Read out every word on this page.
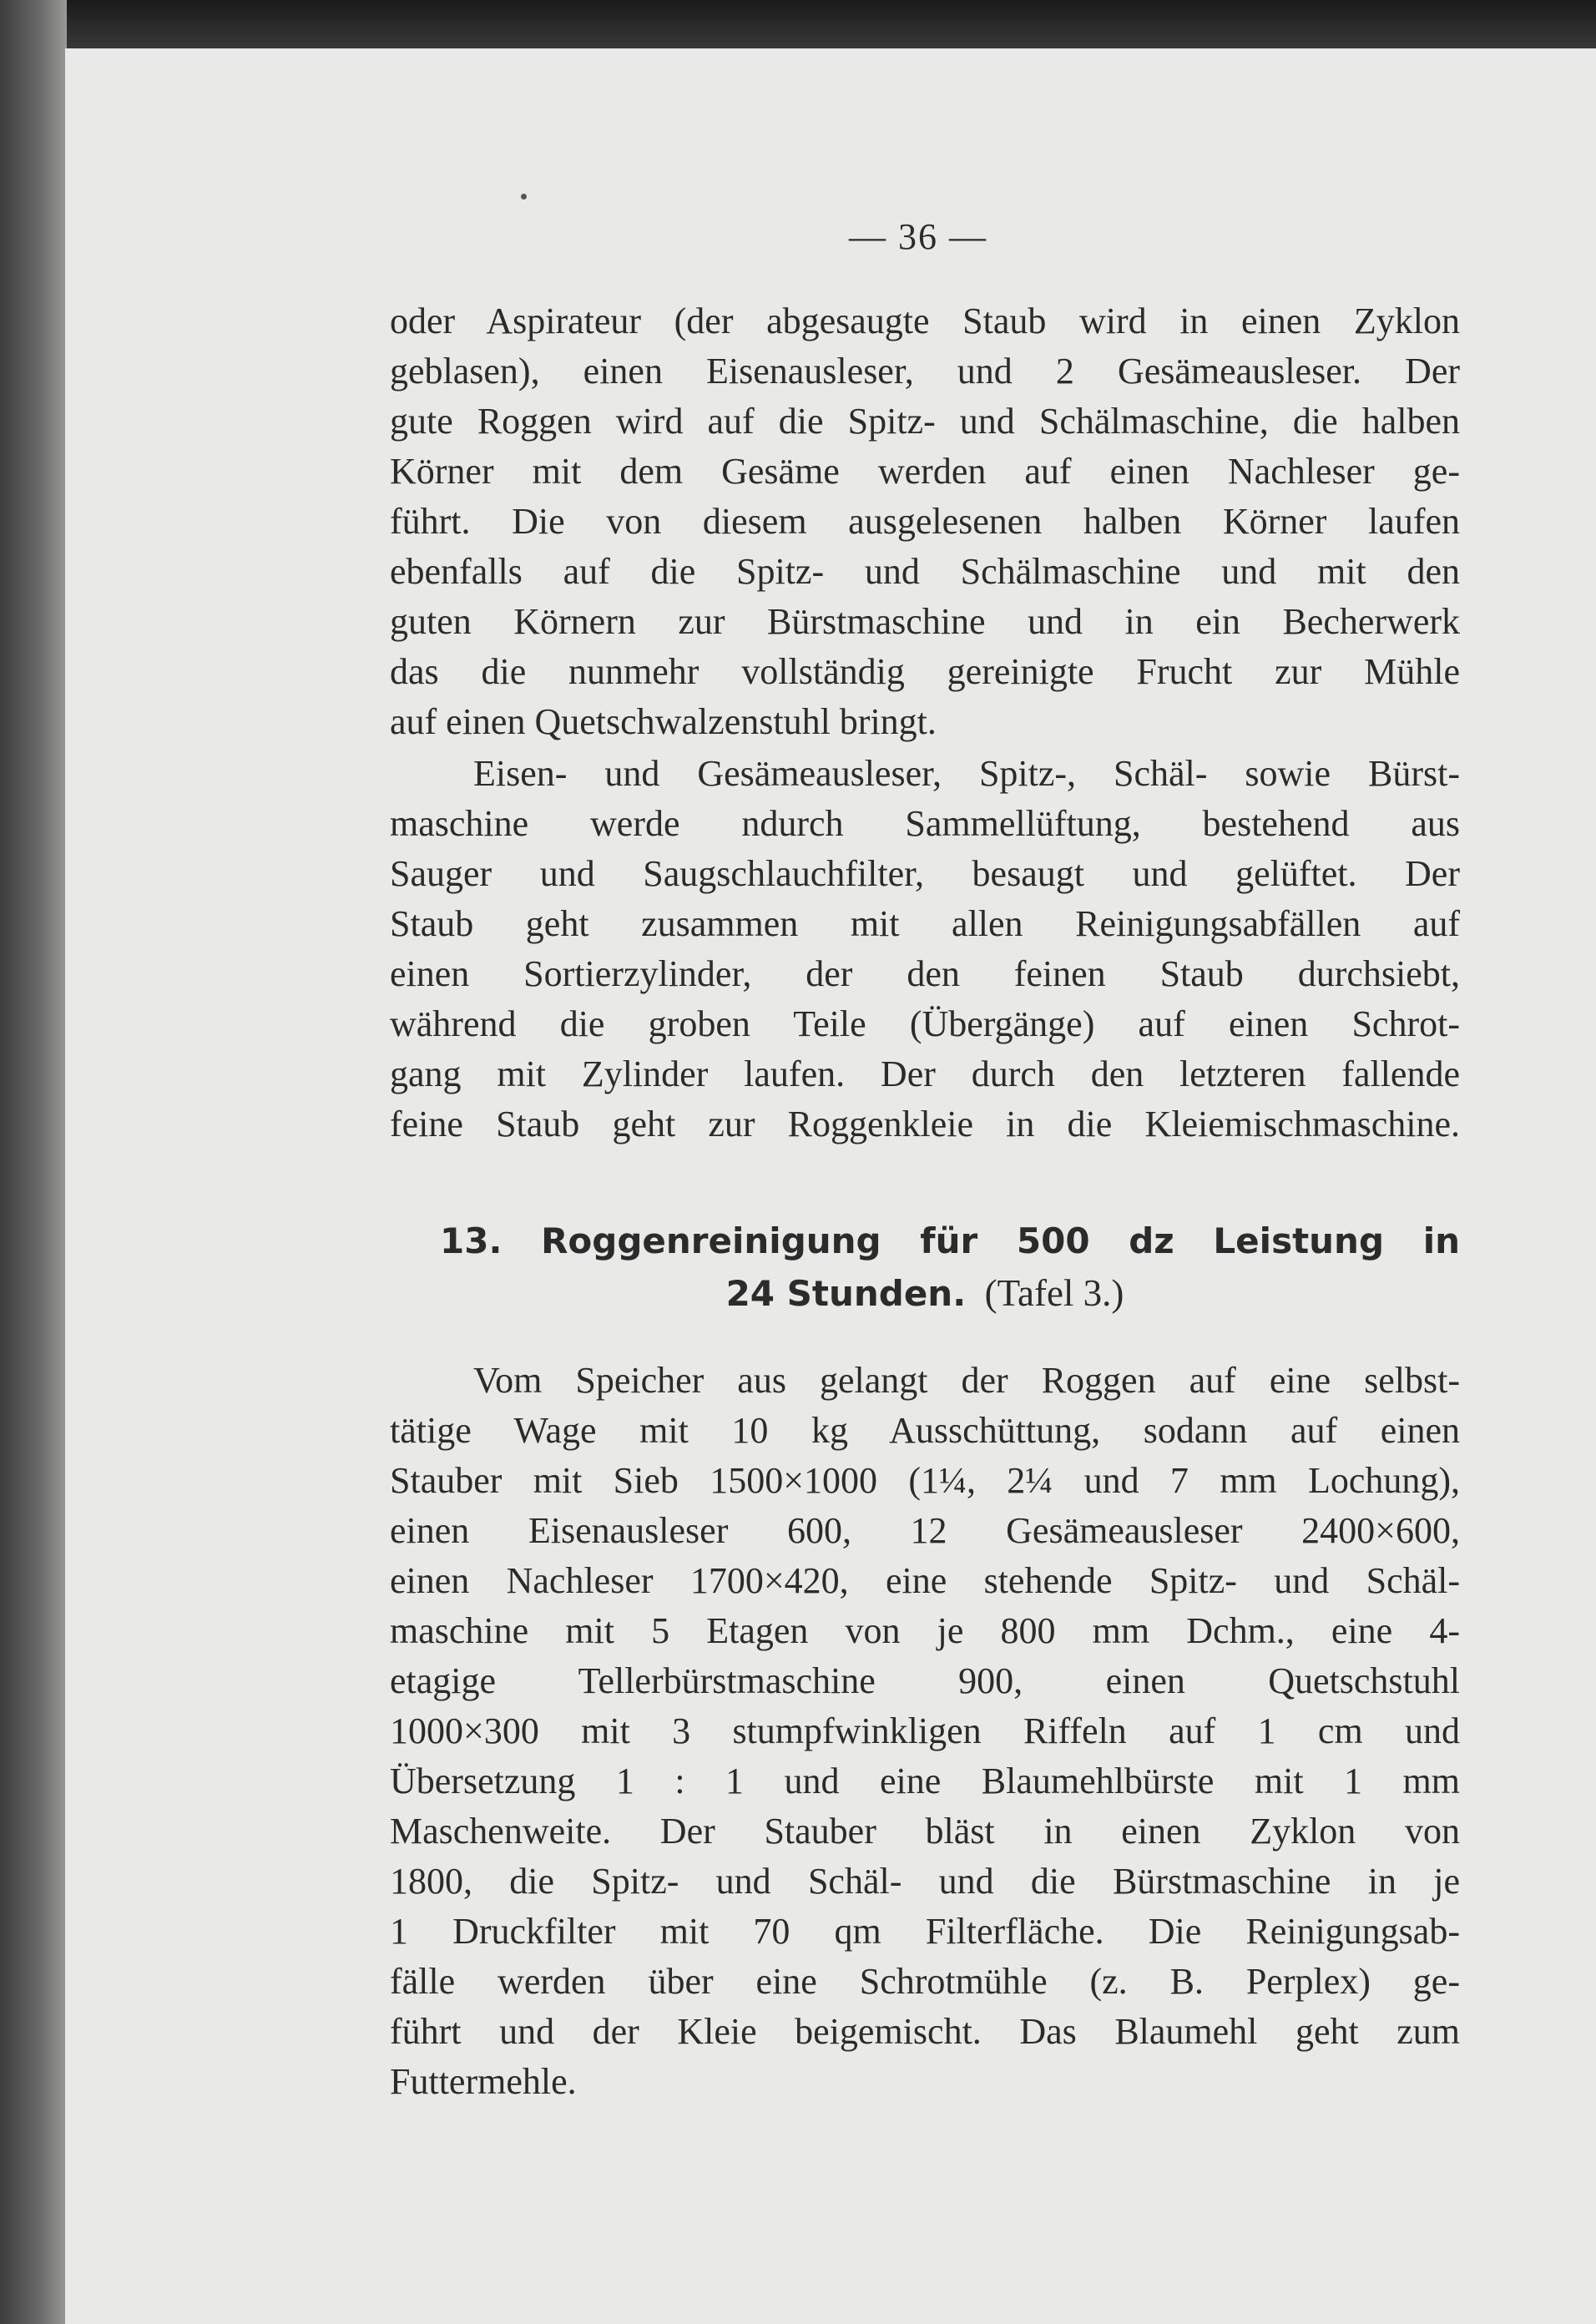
— 36 —
oder Aspirateur (der abgesaugte Staub wird in einen Zyklon
geblasen), einen Eisenausleser, und 2 Gesämeausleser. Der
gute Roggen wird auf die Spitz- und Schälmaschine, die halben
Körner mit dem Gesäme werden auf einen Nachleser ge-
führt. Die von diesem ausgelesenen halben Körner laufen
ebenfalls auf die Spitz- und Schälmaschine und mit den
guten Körnern zur Bürstmaschine und in ein Becherwerk
das die nunmehr vollständig gereinigte Frucht zur Mühle
auf einen Quetschwalzenstuhl bringt.
Eisen- und Gesämeausleser, Spitz-, Schäl- sowie Bürst-
maschine werde ndurch Sammellüftung, bestehend aus
Sauger und Saugschlauchfilter, besaugt und gelüftet. Der
Staub geht zusammen mit allen Reinigungsabfällen auf
einen Sortierzylinder, der den feinen Staub durchsiebt,
während die groben Teile (Übergänge) auf einen Schrot-
gang mit Zylinder laufen. Der durch den letzteren fallende
feine Staub geht zur Roggenkleie in die Kleiemischmaschine.
13. Roggenreinigung für 500 dz Leistung in
24 Stunden. (Tafel 3.)
Vom Speicher aus gelangt der Roggen auf eine selbst-
tätige Wage mit 10 kg Ausschüttung, sodann auf einen
Stauber mit Sieb 1500×1000 (1¼, 2¼ und 7 mm Lochung),
einen Eisenausleser 600, 12 Gesämeausleser 2400×600,
einen Nachleser 1700×420, eine stehende Spitz- und Schäl-
maschine mit 5 Etagen von je 800 mm Dchm., eine 4-
etagige Tellerbürstmaschine 900, einen Quetschstuhl
1000×300 mit 3 stumpfwinkligen Riffeln auf 1 cm und
Übersetzung 1 : 1 und eine Blaumehlbürste mit 1 mm
Maschenweite. Der Stauber bläst in einen Zyklon von
1800, die Spitz- und Schäl- und die Bürstmaschine in je
1 Druckfilter mit 70 qm Filterfläche. Die Reinigungsab-
fälle werden über eine Schrotmühle (z. B. Perplex) ge-
führt und der Kleie beigemischt. Das Blaumehl geht zum
Futtermehle.
